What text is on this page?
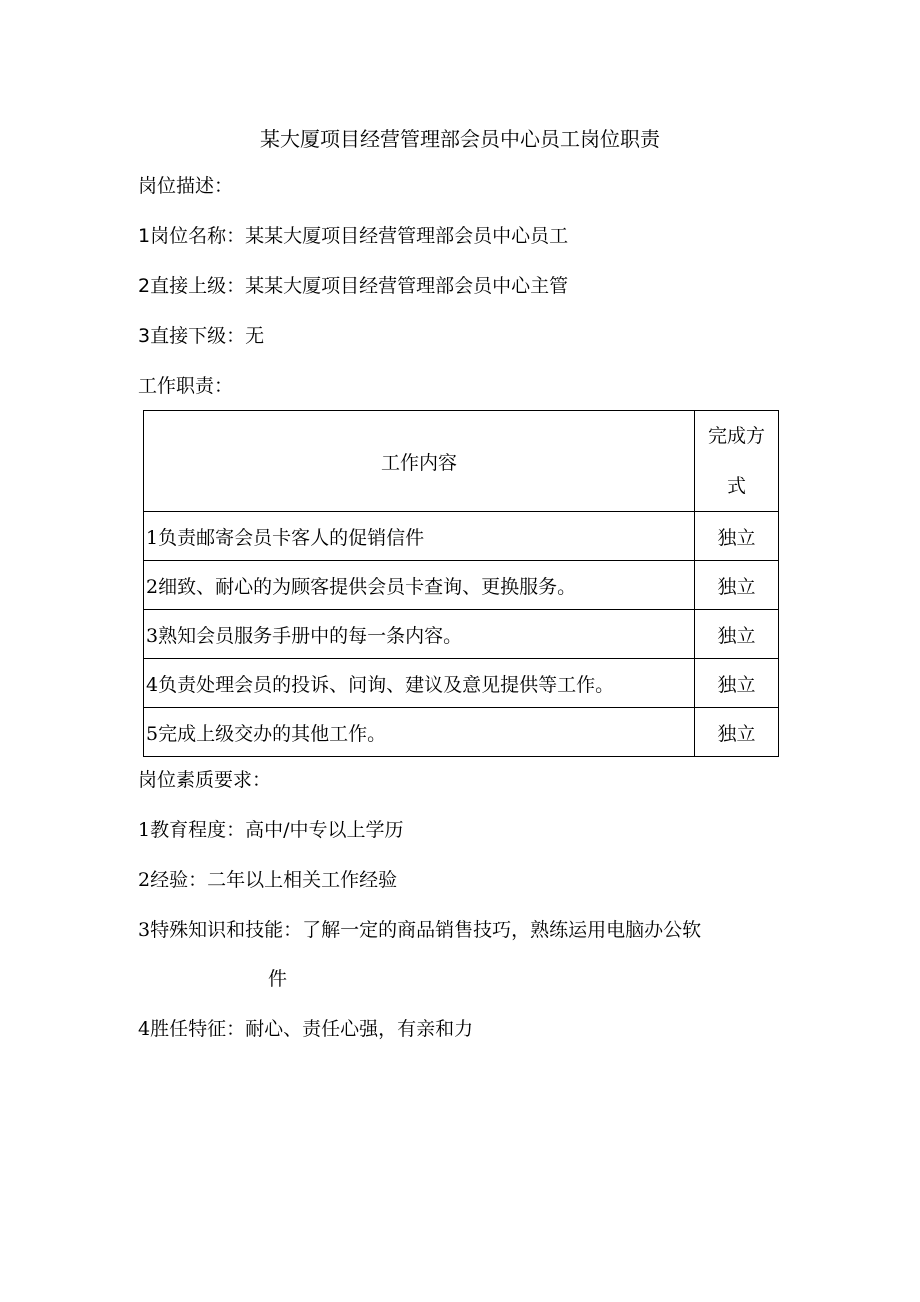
某大厦项目经营管理部会员中心员工岗位职责
岗位描述：
1岗位名称：某某大厦项目经营管理部会员中心员工
2直接上级：某某大厦项目经营管理部会员中心主管
3直接下级：无
工作职责：
工作内容	完成方
式
1负责邮寄会员卡客人的促销信件	独立
2细致、耐心的为顾客提供会员卡查询、更换服务。	独立
3熟知会员服务手册中的每一条内容。	独立
4负责处理会员的投诉、问询、建议及意见提供等工作。	独立
5完成上级交办的其他工作。	独立
岗位素质要求：
1教育程度：高中/中专以上学历
2经验：二年以上相关工作经验
3特殊知识和技能：了解一定的商品销售技巧，熟练运用电脑办公软
件
4胜任特征：耐心、责任心强，有亲和力
